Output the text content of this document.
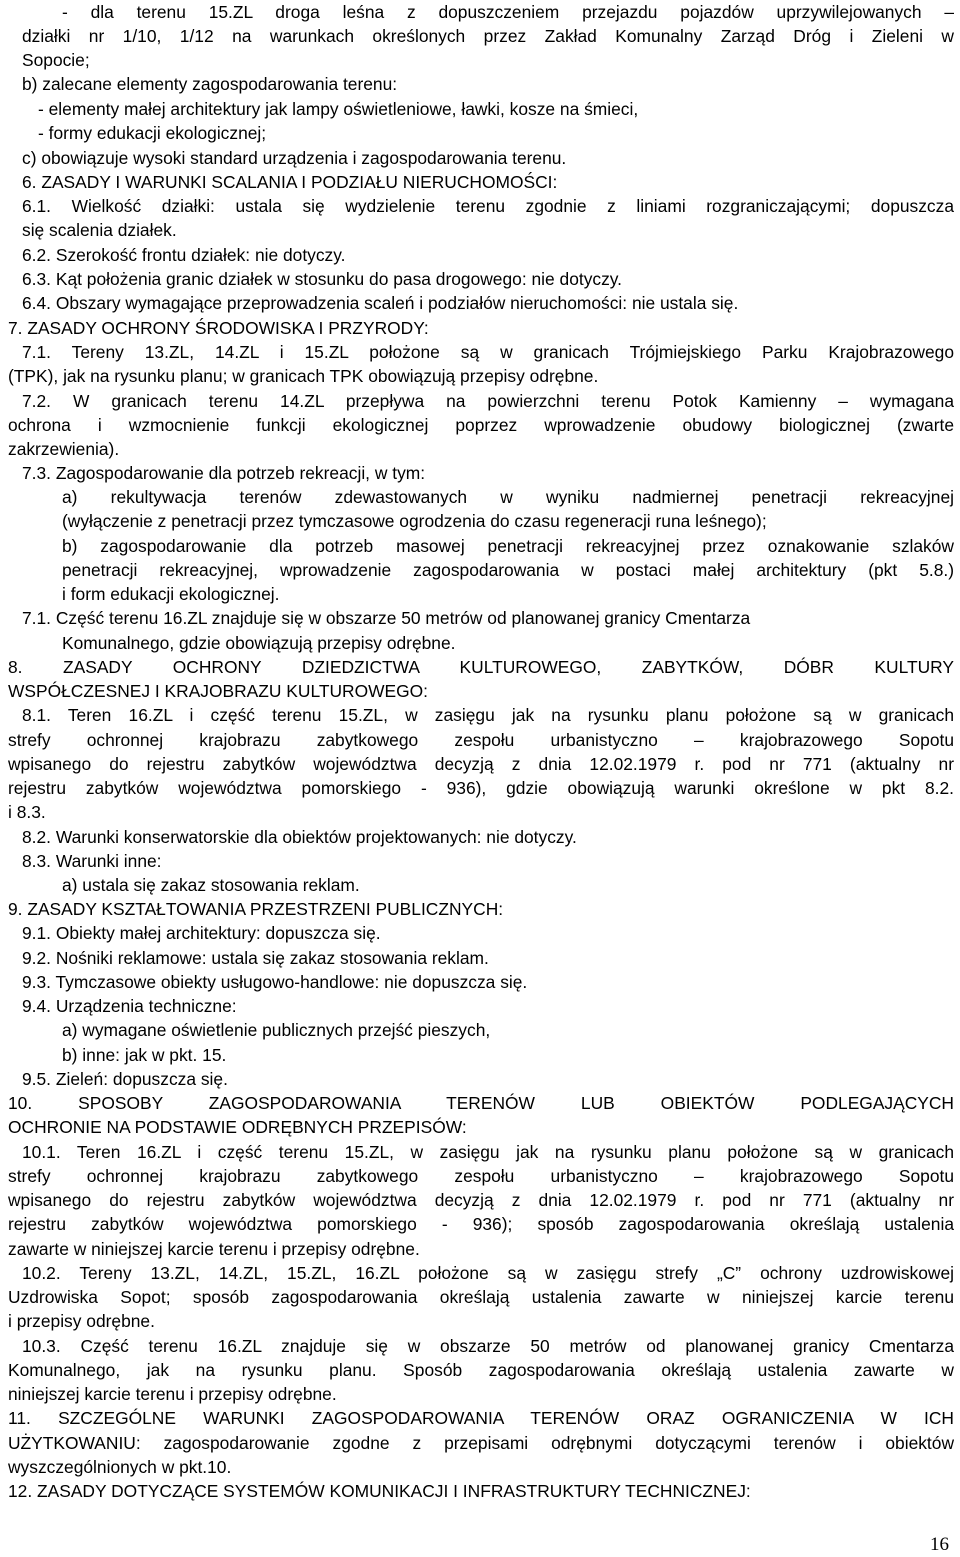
- dla terenu 15.ZL droga leśna z dopuszczeniem przejazdu pojazdów uprzywilejowanych –
działki nr 1/10, 1/12 na warunkach określonych przez Zakład Komunalny Zarząd Dróg i Zieleni w
Sopocie;
b) zalecane elementy zagospodarowania terenu:
- elementy małej architektury jak lampy oświetleniowe, ławki, kosze na śmieci,
- formy edukacji ekologicznej;
c) obowiązuje wysoki standard urządzenia i zagospodarowania terenu.
6. ZASADY I WARUNKI SCALANIA I PODZIAŁU NIERUCHOMOŚCI:
6.1. Wielkość działki: ustala się wydzielenie terenu zgodnie z liniami rozgraniczającymi; dopuszcza
się scalenia działek.
6.2. Szerokość frontu działek: nie dotyczy.
6.3. Kąt położenia granic działek w stosunku do pasa drogowego: nie dotyczy.
6.4. Obszary wymagające przeprowadzenia scaleń i podziałów nieruchomości: nie ustala się.
7. ZASADY OCHRONY ŚRODOWISKA I PRZYRODY:
7.1. Tereny 13.ZL, 14.ZL i 15.ZL położone są w granicach Trójmiejskiego Parku Krajobrazowego
(TPK), jak na rysunku planu; w granicach TPK obowiązują przepisy odrębne.
7.2. W granicach terenu 14.ZL przepływa na powierzchni terenu Potok Kamienny – wymagana
ochrona i wzmocnienie funkcji ekologicznej poprzez wprowadzenie obudowy biologicznej (zwarte
zakrzewienia).
7.3. Zagospodarowanie dla potrzeb rekreacji, w tym:
a) rekultywacja terenów zdewastowanych w wyniku nadmiernej penetracji rekreacyjnej
(wyłączenie z penetracji przez tymczasowe ogrodzenia do czasu regeneracji runa leśnego);
b) zagospodarowanie dla potrzeb masowej penetracji rekreacyjnej przez oznakowanie szlaków
penetracji rekreacyjnej, wprowadzenie zagospodarowania w postaci małej architektury (pkt 5.8.)
i form edukacji ekologicznej.
7.1. Część terenu 16.ZL znajduje się w obszarze 50 metrów od planowanej granicy Cmentarza
Komunalnego, gdzie obowiązują przepisy odrębne.
8. ZASADY OCHRONY DZIEDZICTWA KULTUROWEGO, ZABYTKÓW, DÓBR KULTURY
WSPÓŁCZESNEJ I KRAJOBRAZU KULTUROWEGO:
8.1. Teren 16.ZL i część terenu 15.ZL, w zasięgu jak na rysunku planu położone są w granicach
strefy ochronnej krajobrazu zabytkowego zespołu urbanistyczno – krajobrazowego Sopotu
wpisanego do rejestru zabytków województwa decyzją z dnia 12.02.1979 r. pod nr 771 (aktualny nr
rejestru zabytków województwa pomorskiego - 936), gdzie obowiązują warunki określone w pkt 8.2.
i 8.3.
8.2. Warunki konserwatorskie dla obiektów projektowanych: nie dotyczy.
8.3. Warunki inne:
a) ustala się zakaz stosowania reklam.
9. ZASADY KSZTAŁTOWANIA PRZESTRZENI PUBLICZNYCH:
9.1. Obiekty małej architektury: dopuszcza się.
9.2. Nośniki reklamowe: ustala się zakaz stosowania reklam.
9.3. Tymczasowe obiekty usługowo-handlowe: nie dopuszcza się.
9.4. Urządzenia techniczne:
a) wymagane oświetlenie publicznych przejść pieszych,
b) inne: jak w pkt. 15.
9.5. Zieleń: dopuszcza się.
10. SPOSOBY ZAGOSPODAROWANIA TERENÓW LUB OBIEKTÓW PODLEGAJĄCYCH
OCHRONIE NA PODSTAWIE ODRĘBNYCH PRZEPISÓW:
10.1. Teren 16.ZL i część terenu 15.ZL, w zasięgu jak na rysunku planu położone są w granicach
strefy ochronnej krajobrazu zabytkowego zespołu urbanistyczno – krajobrazowego Sopotu
wpisanego do rejestru zabytków województwa decyzją z dnia 12.02.1979 r. pod nr 771 (aktualny nr
rejestru zabytków województwa pomorskiego - 936); sposób zagospodarowania określają ustalenia
zawarte w niniejszej karcie terenu i przepisy odrębne.
10.2. Tereny 13.ZL, 14.ZL, 15.ZL, 16.ZL położone są w zasięgu strefy „C” ochrony uzdrowiskowej
Uzdrowiska Sopot; sposób zagospodarowania określają ustalenia zawarte w niniejszej karcie terenu
i przepisy odrębne.
10.3. Część terenu 16.ZL znajduje się w obszarze 50 metrów od planowanej granicy Cmentarza
Komunalnego, jak na rysunku planu. Sposób zagospodarowania określają ustalenia zawarte w
niniejszej karcie terenu i przepisy odrębne.
11. SZCZEGÓLNE WARUNKI ZAGOSPODAROWANIA TERENÓW ORAZ OGRANICZENIA W ICH
UŻYTKOWANIU: zagospodarowanie zgodne z przepisami odrębnymi dotyczącymi terenów i obiektów
wyszczególnionych w pkt.10.
12. ZASADY DOTYCZĄCE SYSTEMÓW KOMUNIKACJI I INFRASTRUKTURY TECHNICZNEJ:
16
